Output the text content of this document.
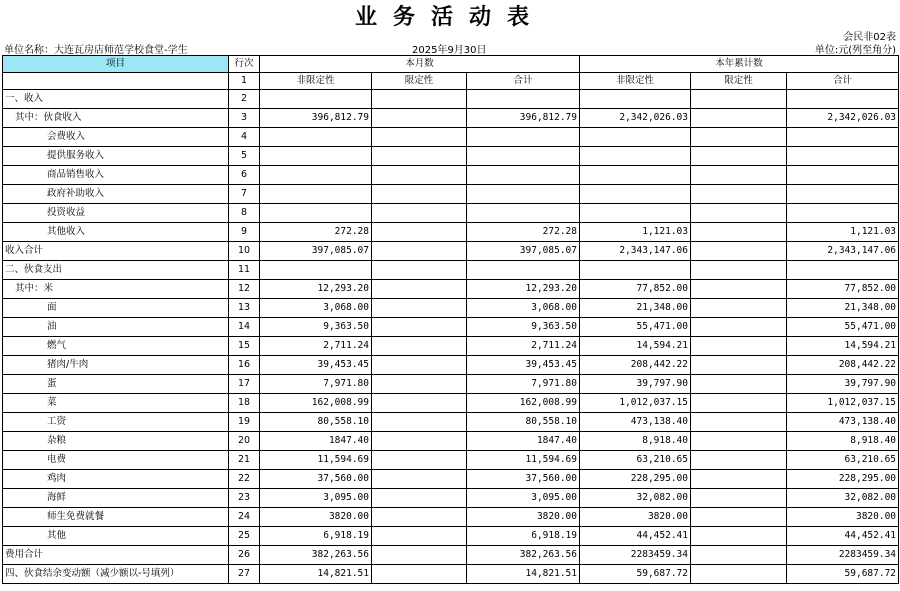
业务活动表
会民非02表
单位名称：大连瓦房店师范学校食堂-学生	2025年9月30日	单位:元(列至角分)
项目	行次	本月数			本年累计数		
	1	非限定性	限定性	合计	非限定性	限定性	合计
一、收入	2						
其中：伙食收入	3	396,812.79		396,812.79	2,342,026.03		2,342,026.03
会费收入	4						
提供服务收入	5						
商品销售收入	6						
政府补助收入	7						
投资收益	8						
其他收入	9	272.28		272.28	1,121.03		1,121.03
收入合计	10	397,085.07		397,085.07	2,343,147.06		2,343,147.06
二、伙食支出	11						
其中：米	12	12,293.20		12,293.20	77,852.00		77,852.00
面	13	3,068.00		3,068.00	21,348.00		21,348.00
油	14	9,363.50		9,363.50	55,471.00		55,471.00
燃气	15	2,711.24		2,711.24	14,594.21		14,594.21
猪肉/牛肉	16	39,453.45		39,453.45	208,442.22		208,442.22
蛋	17	7,971.80		7,971.80	39,797.90		39,797.90
菜	18	162,008.99		162,008.99	1,012,037.15		1,012,037.15
工资	19	80,558.10		80,558.10	473,138.40		473,138.40
杂粮	20	1847.40		1847.40	8,918.40		8,918.40
电费	21	11,594.69		11,594.69	63,210.65		63,210.65
鸡肉	22	37,560.00		37,560.00	228,295.00		228,295.00
海鲜	23	3,095.00		3,095.00	32,082.00		32,082.00
师生免费就餐	24	3820.00		3820.00	3820.00		3820.00
其他	25	6,918.19		6,918.19	44,452.41		44,452.41
费用合计	26	382,263.56		382,263.56	2283459.34		2283459.34
四、伙食结余变动额（减少额以-号填列）	27	14,821.51		14,821.51	59,687.72		59,687.72
